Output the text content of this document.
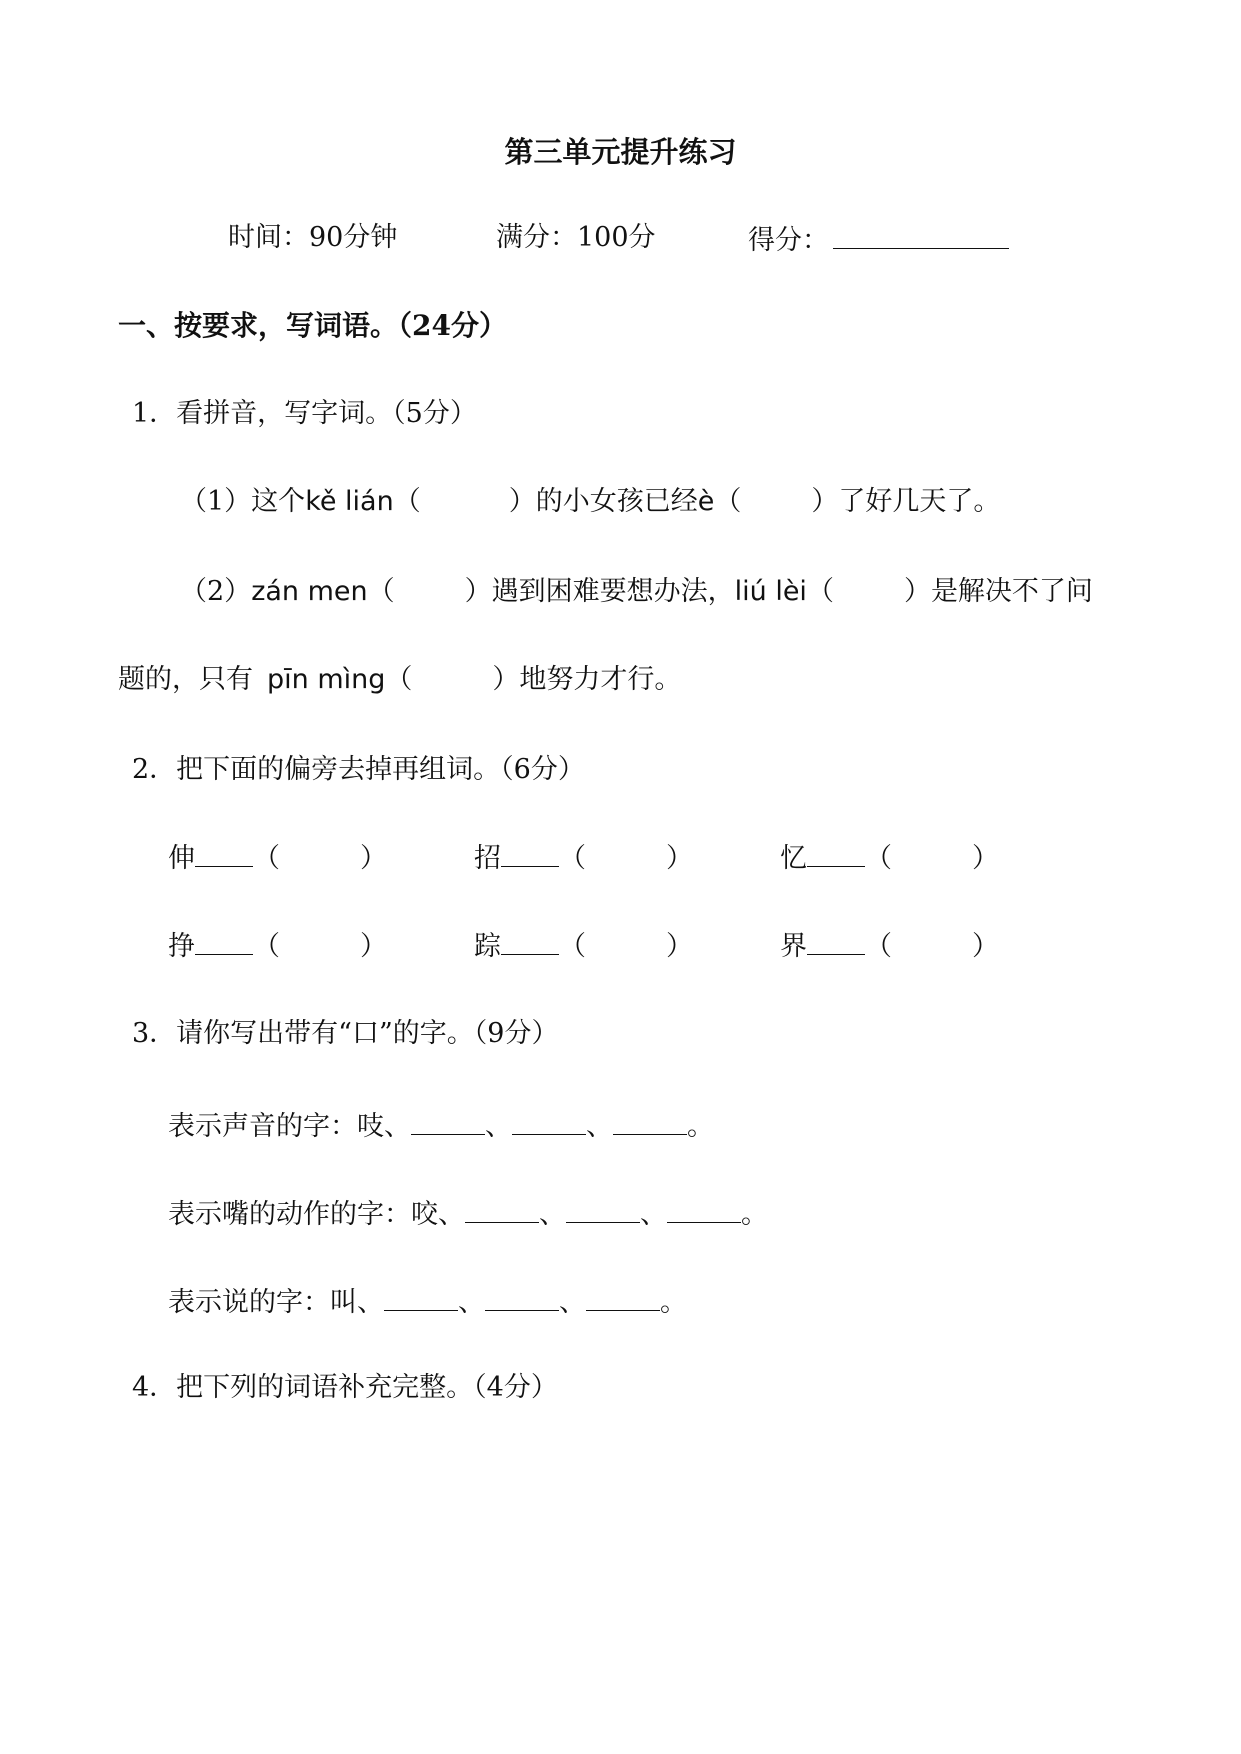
第三单元提升练习
时间：90分钟	满分：100分	得分：
一、按要求，写词语。（24分）
1．看拼音，写字词。（5分）
（1）这个kě lián（	）的小女孩已经è（	）了好几天了。
（2）zán men（	）遇到困难要想办法，liú lèi（	）是解决不了问
题的，只有 pīn mìng（	）地努力才行。
2．把下面的偏旁去掉再组词。（6分）
伸 （	）	招 （	）	忆 （	）
挣 （	）	踪 （	）	界 （	）
3．请你写出带有“口”的字。（9分）
表示声音的字：吱、	、	、	。
表示嘴的动作的字：咬、	、	、	。
表示说的字：叫、	、	、	。
4．把下列的词语补充完整。（4分）
